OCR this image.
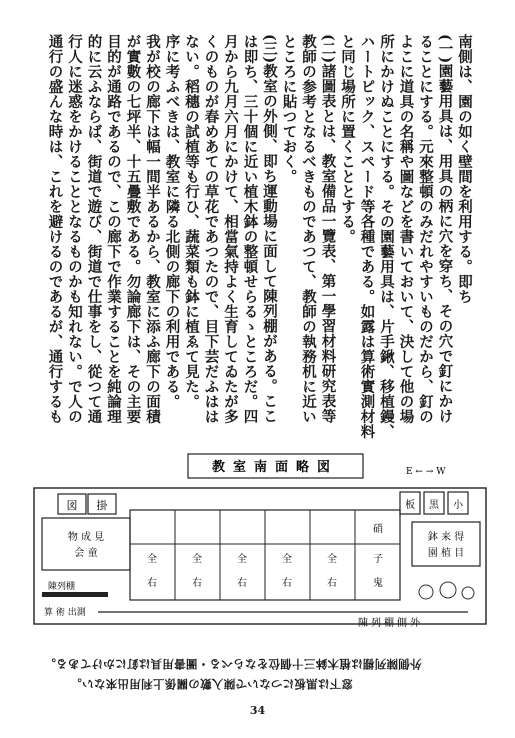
南側は、園の如く壁間を利用する。即ち
(一)園藝用具は、用具の柄に穴を穿ち、その穴で釘にかけ
ることにする。元來整頓のみだれやすいものだから、釘の
よこに道具の名稱や圖などを書いておいて、決して他の場
所にかけぬことにする。その園藝用具は、片手鍬、移植鏝、
ハートピック、スペード等各種である。如露は算術實測材料
と同じ場所に置くこととする。
(二)諸圖表とは、教室備品一覽表、第一學習材料研究表等
教師の参考となるべきものであつて、教師の執務机に近い
ところに貼つておく。
(三)教室の外側、即ち運動場に面して陳列棚がある。ここ
は即ち、三十個に近い植木鉢の整頓せらるゝところだ。四
月から九月六月にかけて、相當氣持よく生育してゐたが多
くのものが春めあての草花であつたので、目下芸だふはは
ない。稻穗の試植等も行ひ、蔬菜類も鉢に植ゑて見た。
序に考ふべきは、教室に隣る北側の廊下の利用である。
我が校の廊下は幅一間半あるから、教室に添ふ廊下の面積
が實數の七坪半、十五疊敷である。勿論廊下は、その主要
目的が通路であるので、この廊下で作業することを純論理
的に云ふならば、街道で遊び、街道で仕事をし、從つて通
行人に迷惑をかけることとなるものかも知れない。で人の
通行の盛んな時は、これを避けるのであるが、通行するも
教室南面略図	E ← → W
図 掛
物 成 見
会 童
陳列棚
算 術 出測
全	全	全	全	全
硝
子
右	右	右	右	右	鬼
板 黒 小
鉢 来 得
園 植 目
陳列棚側外
外側陳列棚は植木鉢三十個位をならべる・圖書用具は釘にかけてある。
窓下は黒板につないで陳入數の關係上利用出來ない。
34
